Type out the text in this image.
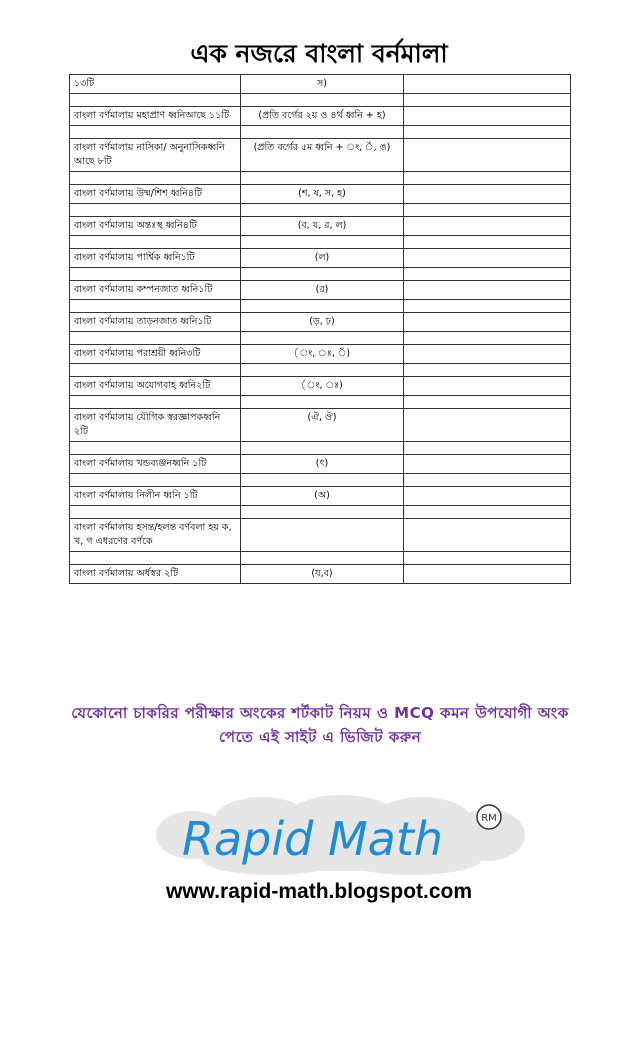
এক নজরে বাংলা বর্নমালা
১৩টি	স)	

বাংলা বর্ণমালায় মহাপ্রাণ ধ্বনিআছে ১১টি	(প্রতি বর্গের ২য় ও ৪র্থ ধ্বনি + হ)	

বাংলা বর্ণমালায় নাসিকা/ অনুনাসিকধ্বনি আছে ৮টি	(প্রতি বর্গের ৫ম ধ্বনি + ং, ঁ, ঙ)	

বাংলা বর্ণমালায় উষ্ম/শিশ ধ্বনি৪টি	(শ, ষ, স, হ)	

বাংলা বর্ণমালায় অন্তঃস্থ ধ্বনি৪টি	(ব, য, র, ল)	

বাংলা বর্ণমালায় পার্শ্বিক ধ্বনি১টি	(ল)	

বাংলা বর্ণমালায় কম্পনজাত ধ্বনি১টি	(র)	

বাংলা বর্ণমালায় তাড়নজাত ধ্বনি১টি	(ড়, ঢ়)	

বাংলা বর্ণমালায় পরাশ্রয়ী ধ্বনি৩টি	(ং, ঃ, ঁ)	

বাংলা বর্ণমালায় অযোগবাহ ধ্বনি২টি	(ং, ঃ)	

বাংলা বর্ণমালায় যৌগিক স্বরজ্ঞাপকধ্বনি ২টি	(ঐ, ঔ)	

বাংলা বর্ণমালায় খন্ডব্যঞ্জনধ্বনি ১টি	(ৎ)	

বাংলা বর্ণমালায় নিলীন ধ্বনি ১টি	(অ)	

বাংলা বর্ণমালায় হসন্ত/হলন্ত বর্ণবলা হয় ক, খ, গ এধরণের বর্ণকে		

বাংলা বর্ণমালায় অর্ধস্বর ২টি	(য,ব)	
যেকোনো চাকরির পরীক্ষার অংকের শর্টকাট নিয়ম ও MCQ কমন উপযোগী অংক
পেতে এই সাইট এ ভিজিট করুন
Rapid Math	RM
www.rapid-math.blogspot.com
